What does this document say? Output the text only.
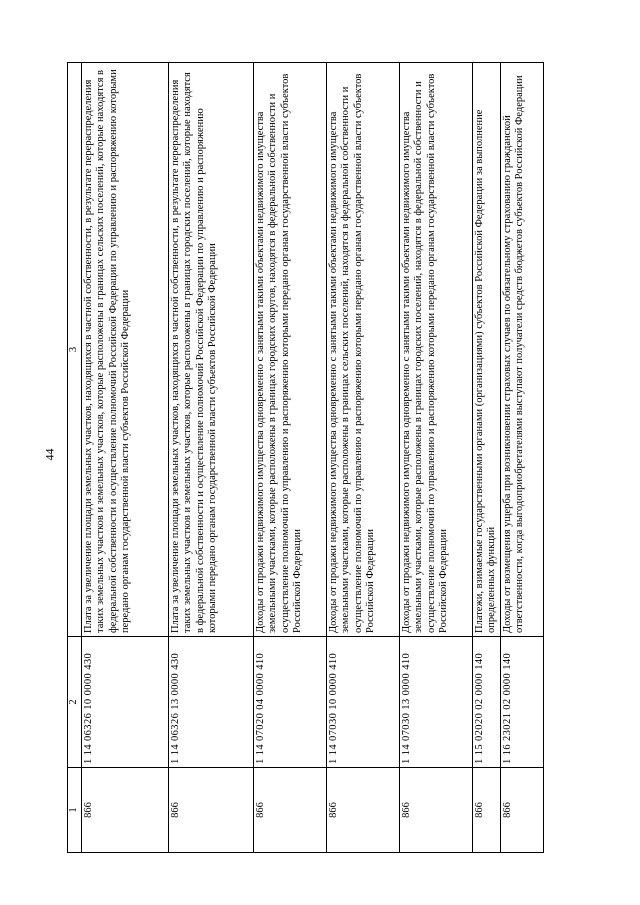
44
1	2	3
866	1 14 06326 10 0000 430	Плата за увеличение площади земельных участков, находящихся в частной собственности, в результате перераспределения таких земельных участков и земельных участков, которые расположены в границах сельских поселений, которые находятся в федеральной собственности и осуществление полномочий Российской Федерации по управлению и распоряжению которыми передано органам государственной власти субъектов Российской Федерации
866	1 14 06326 13 0000 430	Плата за увеличение площади земельных участков, находящихся в частной собственности, в результате перераспределения таких земельных участков и земельных участков, которые расположены в границах городских поселений, которые находятся в федеральной собственности и осуществление полномочий Российской Федерации по управлению и распоряжению которыми передано органам государственной власти субъектов Российской Федерации
866	1 14 07020 04 0000 410	Доходы от продажи недвижимого имущества одновременно с занятыми такими объектами недвижимого имущества земельными участками, которые расположены в границах городских округов, находятся в федеральной собственности и осуществление полномочий по управлению и распоряжению которыми передано органам государственной власти субъектов Российской Федерации
866	1 14 07030 10 0000 410	Доходы от продажи недвижимого имущества одновременно с занятыми такими объектами недвижимого имущества земельными участками, которые расположены в границах сельских поселений, находятся в федеральной собственности и осуществление полномочий по управлению и распоряжению которыми передано органам государственной власти субъектов Российской Федерации
866	1 14 07030 13 0000 410	Доходы от продажи недвижимого имущества одновременно с занятыми такими объектами недвижимого имущества земельными участками, которые расположены в границах городских поселений, находятся в федеральной собственности и осуществление полномочий по управлению и распоряжению которыми передано органам государственной власти субъектов Российской Федерации
866	1 15 02020 02 0000 140	Платежи, взимаемые государственными органами (организациями) субъектов Российской Федерации за выполнение определенных функций
866	1 16 23021 02 0000 140	Доходы от возмещения ущерба при возникновении страховых случаев по обязательному страхованию гражданской ответственности, когда выгодоприобретателями выступают получатели средств бюджетов субъектов Российской Федерации
